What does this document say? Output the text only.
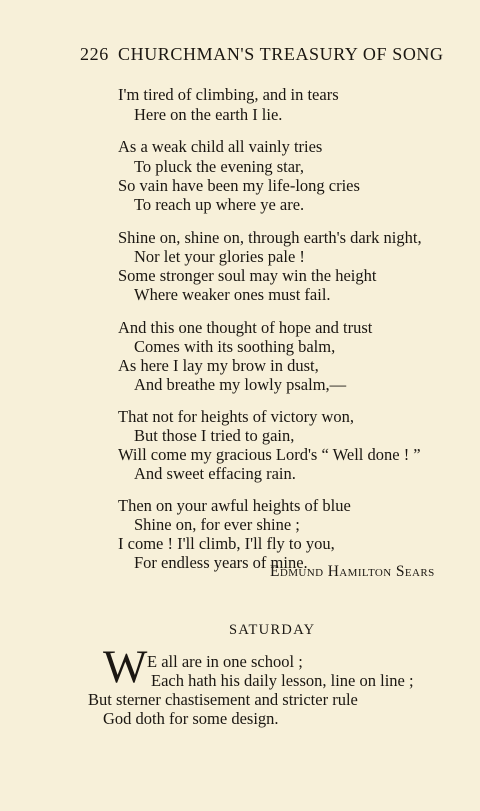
226 CHURCHMAN'S TREASURY OF SONG
I'm tired of climbing, and in tears
Here on the earth I lie.
As a weak child all vainly tries
To pluck the evening star,
So vain have been my life-long cries
To reach up where ye are.
Shine on, shine on, through earth's dark night,
Nor let your glories pale !
Some stronger soul may win the height
Where weaker ones must fail.
And this one thought of hope and trust
Comes with its soothing balm,
As here I lay my brow in dust,
And breathe my lowly psalm,—
That not for heights of victory won,
But those I tried to gain,
Will come my gracious Lord's “ Well done ! ”
And sweet effacing rain.
Then on your awful heights of blue
Shine on, for ever shine ;
I come ! I'll climb, I'll fly to you,
For endless years of mine.
Edmund Hamilton Sears
SATURDAY
W E all are in one school ;
Each hath his daily lesson, line on line ;
But sterner chastisement and stricter rule
God doth for some design.
